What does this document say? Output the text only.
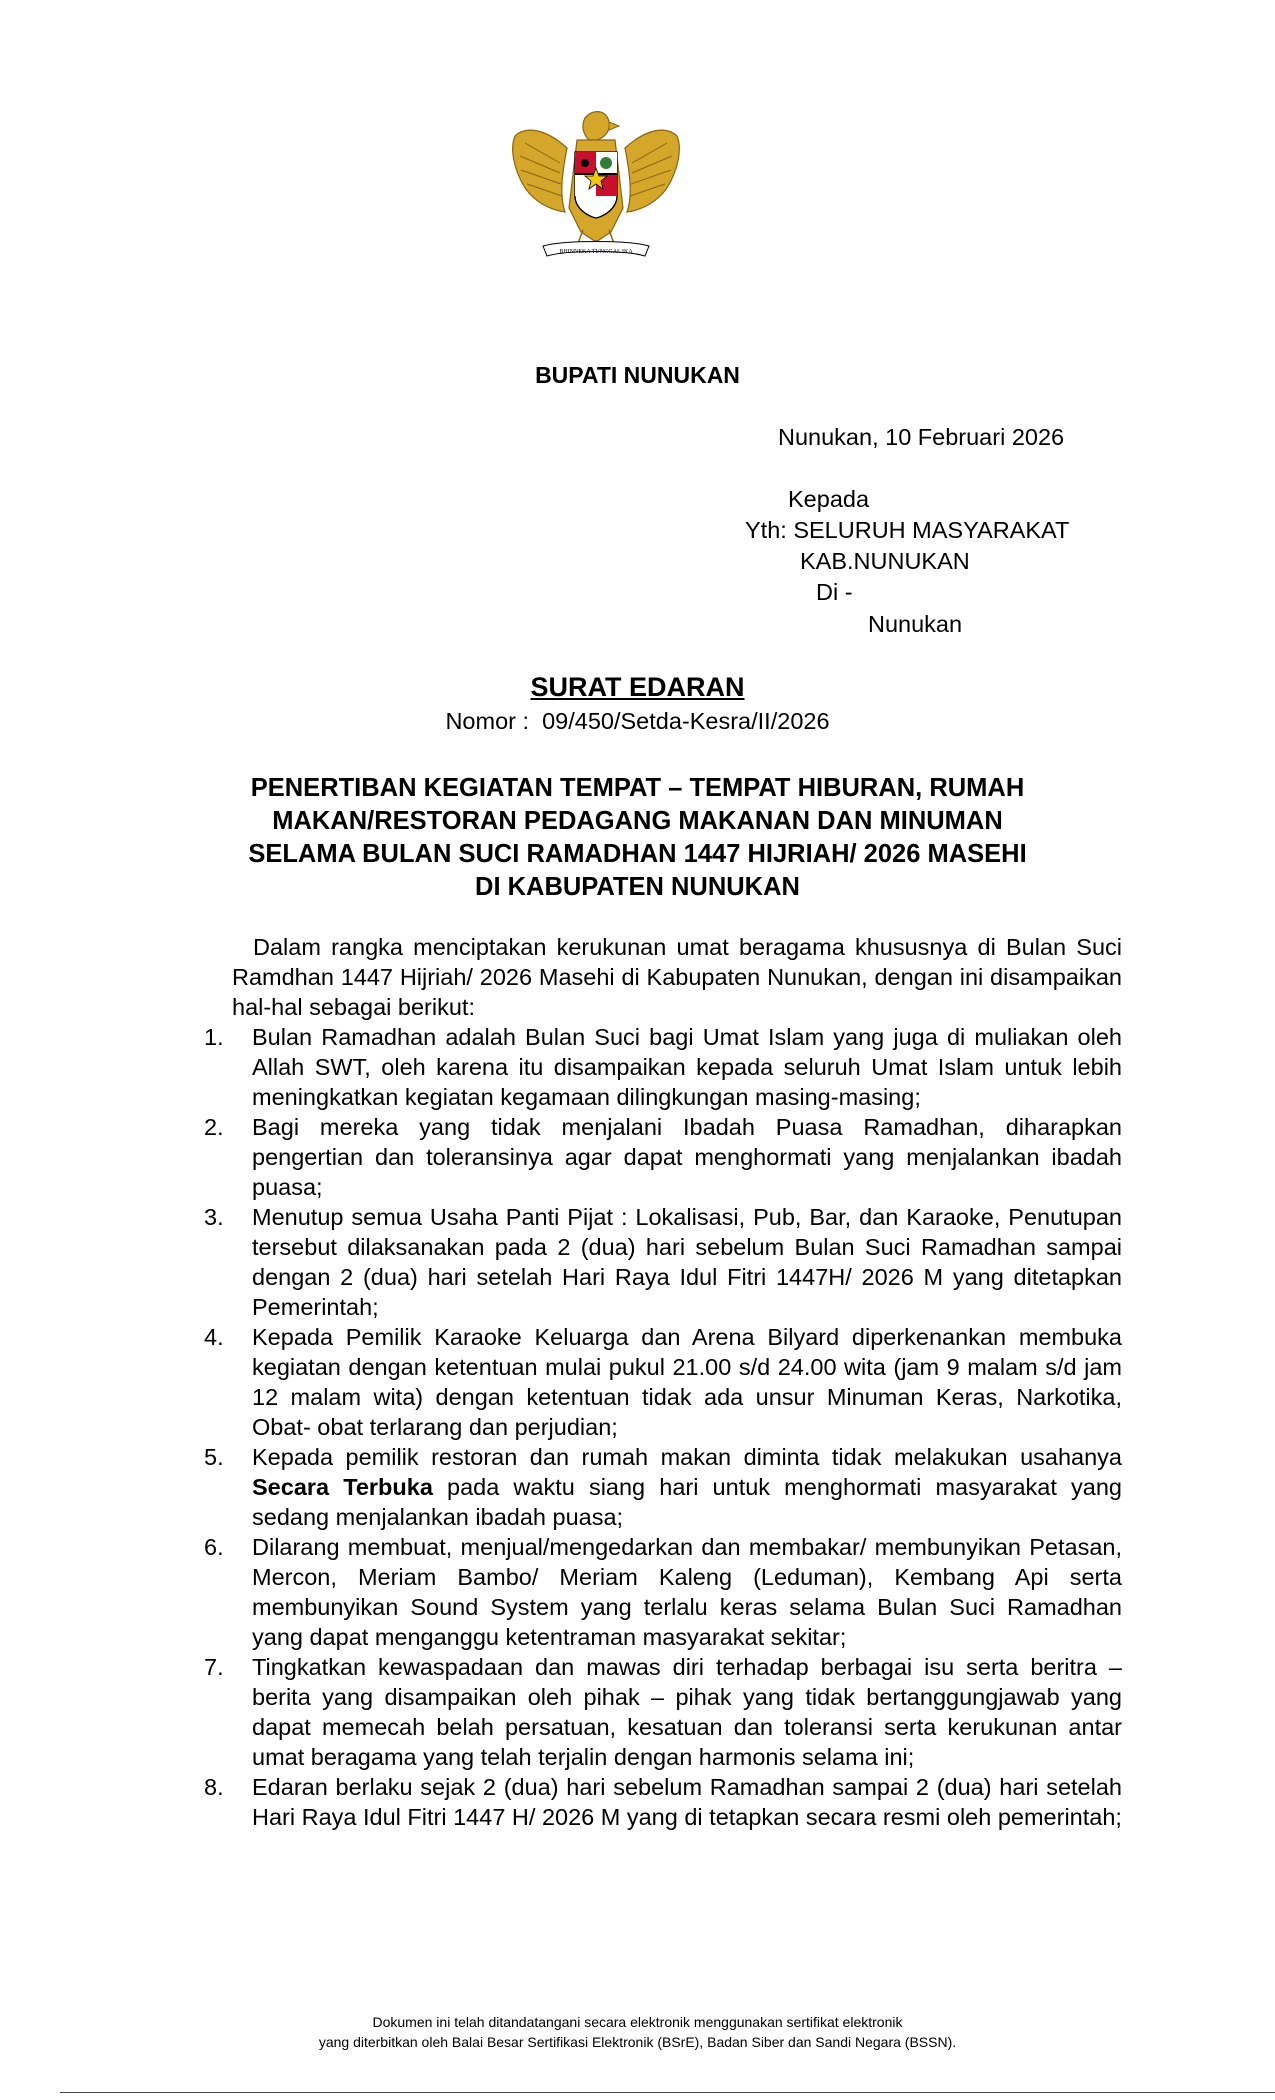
BHINNEKA TUNGGAL IKA
BUPATI NUNUKAN
Nunukan, 10 Februari 2026
Kepada
Yth: SELURUH MASYARAKAT
KAB.NUNUKAN
Di -
Nunukan
SURAT EDARAN
Nomor : 09/450/Setda-Kesra/II/2026
PENERTIBAN KEGIATAN TEMPAT – TEMPAT HIBURAN, RUMAH
MAKAN/RESTORAN PEDAGANG MAKANAN DAN MINUMAN
SELAMA BULAN SUCI RAMADHAN 1447 HIJRIAH/ 2026 MASEHI
DI KABUPATEN NUNUKAN

Dalam rangka menciptakan kerukunan umat beragama khususnya di Bulan Suci Ramdhan 1447 Hijriah/ 2026 Masehi di Kabupaten Nunukan, dengan ini disampaikan hal-hal sebagai berikut:

1.	Bulan Ramadhan adalah Bulan Suci bagi Umat Islam yang juga di muliakan oleh Allah SWT, oleh karena itu disampaikan kepada seluruh Umat Islam untuk lebih meningkatkan kegiatan kegamaan dilingkungan masing-masing;
2.	Bagi mereka yang tidak menjalani Ibadah Puasa Ramadhan, diharapkan pengertian dan toleransinya agar dapat menghormati yang menjalankan ibadah puasa;
3.	Menutup semua Usaha Panti Pijat : Lokalisasi, Pub, Bar, dan Karaoke, Penutupan tersebut dilaksanakan pada 2 (dua) hari sebelum Bulan Suci Ramadhan sampai dengan 2 (dua) hari setelah Hari Raya Idul Fitri 1447H/ 2026 M yang ditetapkan Pemerintah;
4.	Kepada Pemilik Karaoke Keluarga dan Arena Bilyard diperkenankan membuka kegiatan dengan ketentuan mulai pukul 21.00 s/d 24.00 wita (jam 9 malam s/d jam 12 malam wita) dengan ketentuan tidak ada unsur Minuman Keras, Narkotika, Obat- obat terlarang dan perjudian;
5.	Kepada pemilik restoran dan rumah makan diminta tidak melakukan usahanya Secara Terbuka pada waktu siang hari untuk menghormati masyarakat yang sedang menjalankan ibadah puasa;
6.	Dilarang membuat, menjual/mengedarkan dan membakar/ membunyikan Petasan, Mercon, Meriam Bambo/ Meriam Kaleng (Leduman), Kembang Api serta membunyikan Sound System yang terlalu keras selama Bulan Suci Ramadhan yang dapat menganggu ketentraman masyarakat sekitar;
7.	Tingkatkan kewaspadaan dan mawas diri terhadap berbagai isu serta beritra – berita yang disampaikan oleh pihak – pihak yang tidak bertanggungjawab yang dapat memecah belah persatuan, kesatuan dan toleransi serta kerukunan antar umat beragama yang telah terjalin dengan harmonis selama ini;
8.	Edaran berlaku sejak 2 (dua) hari sebelum Ramadhan sampai 2 (dua) hari setelah Hari Raya Idul Fitri 1447 H/ 2026 M yang di tetapkan secara resmi oleh pemerintah;
Dokumen ini telah ditandatangani secara elektronik menggunakan sertifikat elektronik
yang diterbitkan oleh Balai Besar Sertifikasi Elektronik (BSrE), Badan Siber dan Sandi Negara (BSSN).
